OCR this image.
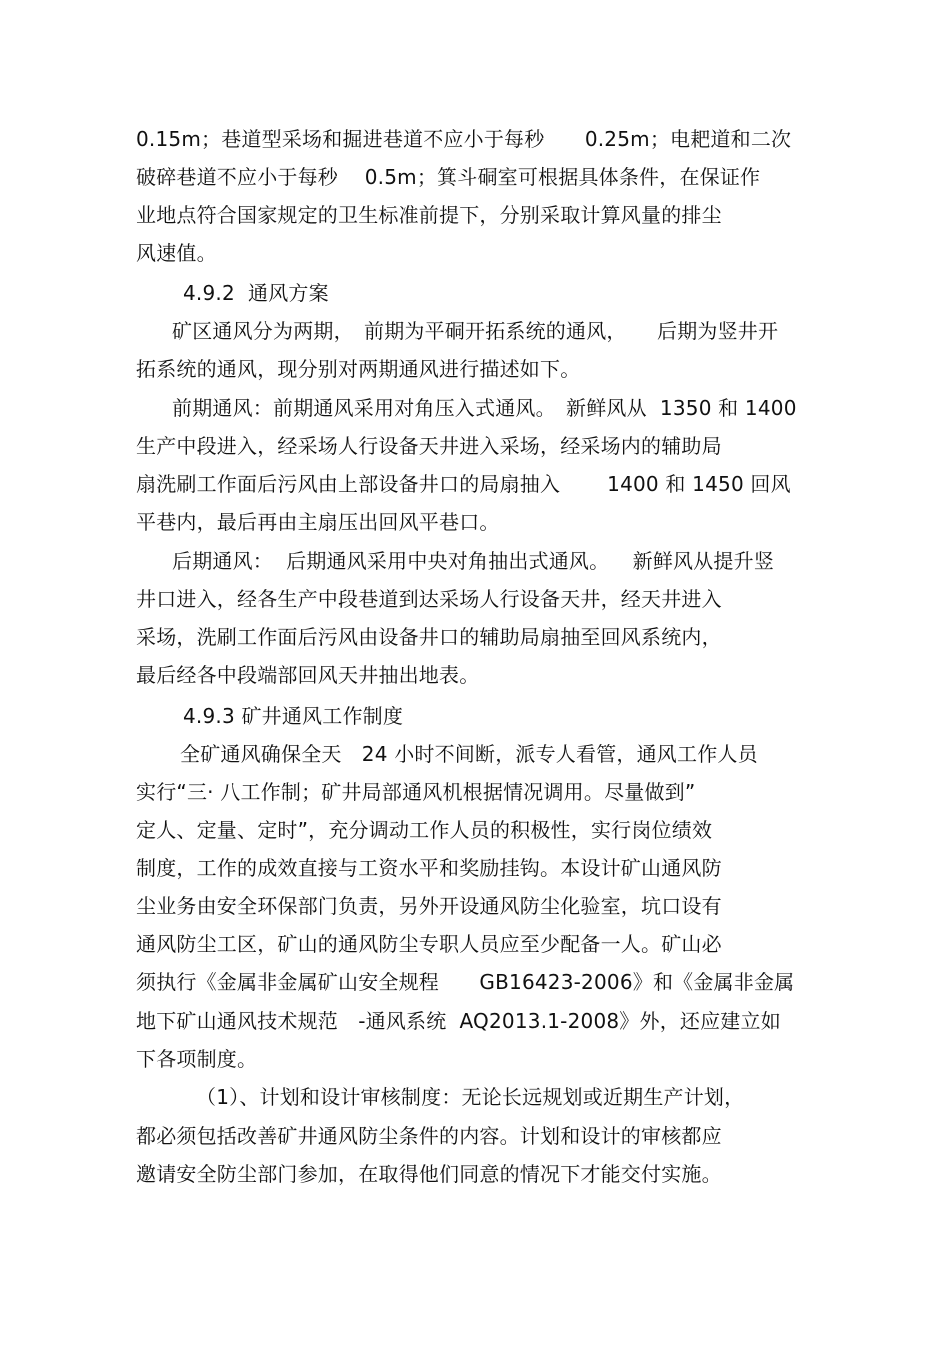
0.15m；巷道型采场和掘进巷道不应小于每秒　　0.25m；电耙道和二次
破碎巷道不应小于每秒　 0.5m；箕斗硐室可根据具体条件，在保证作
业地点符合国家规定的卫生标准前提下，分别采取计算风量的排尘
风速值。
4.9.2  通风方案
矿区通风分为两期，　前期为平硐开拓系统的通风，　　后期为竖井开
拓系统的通风，现分别对两期通风进行描述如下。
前期通风：前期通风采用对角压入式通风。　新鲜风从  1350 和 1400
生产中段进入，经采场人行设备天井进入采场，经采场内的辅助局
扇洗刷工作面后污风由上部设备井口的局扇抽入　　 1400 和 1450 回风
平巷内，最后再由主扇压出回风平巷口。
后期通风：  后期通风采用中央对角抽出式通风。　  新鲜风从提升竖
井口进入，经各生产中段巷道到达采场人行设备天井，经天井进入
采场，洗刷工作面后污风由设备井口的辅助局扇抽至回风系统内，
最后经各中段端部回风天井抽出地表。
4.9.3 矿井通风工作制度
全矿通风确保全天　24 小时不间断，派专人看管，通风工作人员
实行“三· 八工作制；矿井局部通风机根据情况调用。尽量做到”
定人、定量、定时”，充分调动工作人员的积极性，实行岗位绩效
制度，工作的成效直接与工资水平和奖励挂钩。本设计矿山通风防
尘业务由安全环保部门负责，另外开设通风防尘化验室，坑口设有
通风防尘工区，矿山的通风防尘专职人员应至少配备一人。矿山必
须执行《金属非金属矿山安全规程　　GB16423-2006》和《金属非金属
地下矿山通风技术规范　-通风系统  AQ2013.1-2008》外，还应建立如
下各项制度。
（1）、计划和设计审核制度：无论长远规划或近期生产计划，
都必须包括改善矿井通风防尘条件的内容。计划和设计的审核都应
邀请安全防尘部门参加，在取得他们同意的情况下才能交付实施。
